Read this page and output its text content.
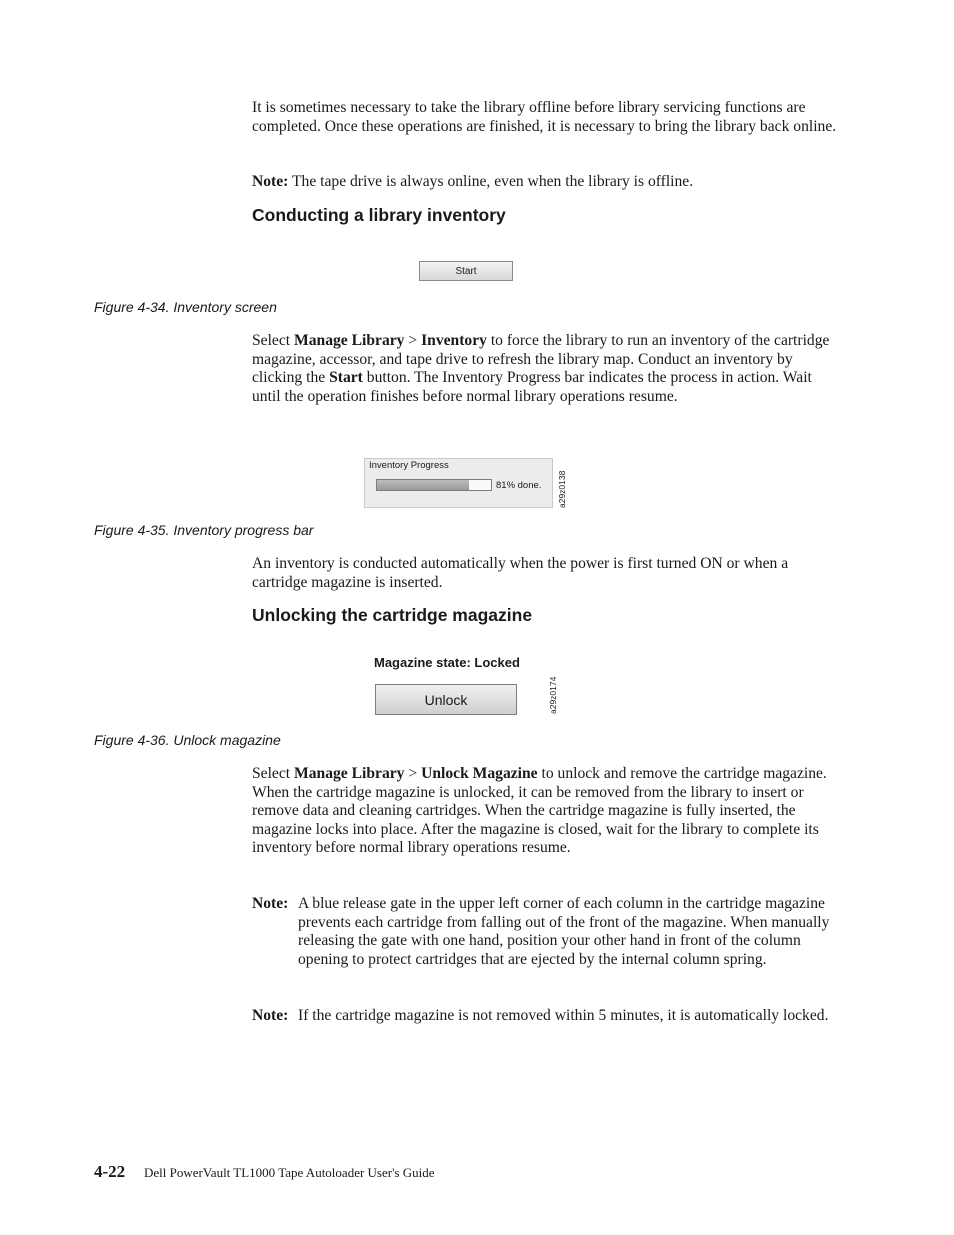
It is sometimes necessary to take the library offline before library servicing functions are completed. Once these operations are finished, it is necessary to bring the library back online.
Note: The tape drive is always online, even when the library is offline.
Conducting a library inventory
Start
Figure 4-34. Inventory screen
Select Manage Library > Inventory to force the library to run an inventory of the cartridge magazine, accessor, and tape drive to refresh the library map. Conduct an inventory by clicking the Start button. The Inventory Progress bar indicates the process in action. Wait until the operation finishes before normal library operations resume.
Inventory Progress
81% done. a29z0138
Figure 4-35. Inventory progress bar
An inventory is conducted automatically when the power is first turned ON or when a cartridge magazine is inserted.
Unlocking the cartridge magazine
Magazine state: Locked
Unlock	a29z0174
Figure 4-36. Unlock magazine
Select Manage Library > Unlock Magazine to unlock and remove the cartridge magazine. When the cartridge magazine is unlocked, it can be removed from the library to insert or remove data and cleaning cartridges. When the cartridge magazine is fully inserted, the magazine locks into place. After the magazine is closed, wait for the library to complete its inventory before normal library operations resume.
Note: A blue release gate in the upper left corner of each column in the cartridge magazine prevents each cartridge from falling out of the front of the magazine. When manually releasing the gate with one hand, position your other hand in front of the column opening to protect cartridges that are ejected by the internal column spring.
Note: If the cartridge magazine is not removed within 5 minutes, it is automatically locked.
4-22 Dell PowerVault TL1000 Tape Autoloader User's Guide
